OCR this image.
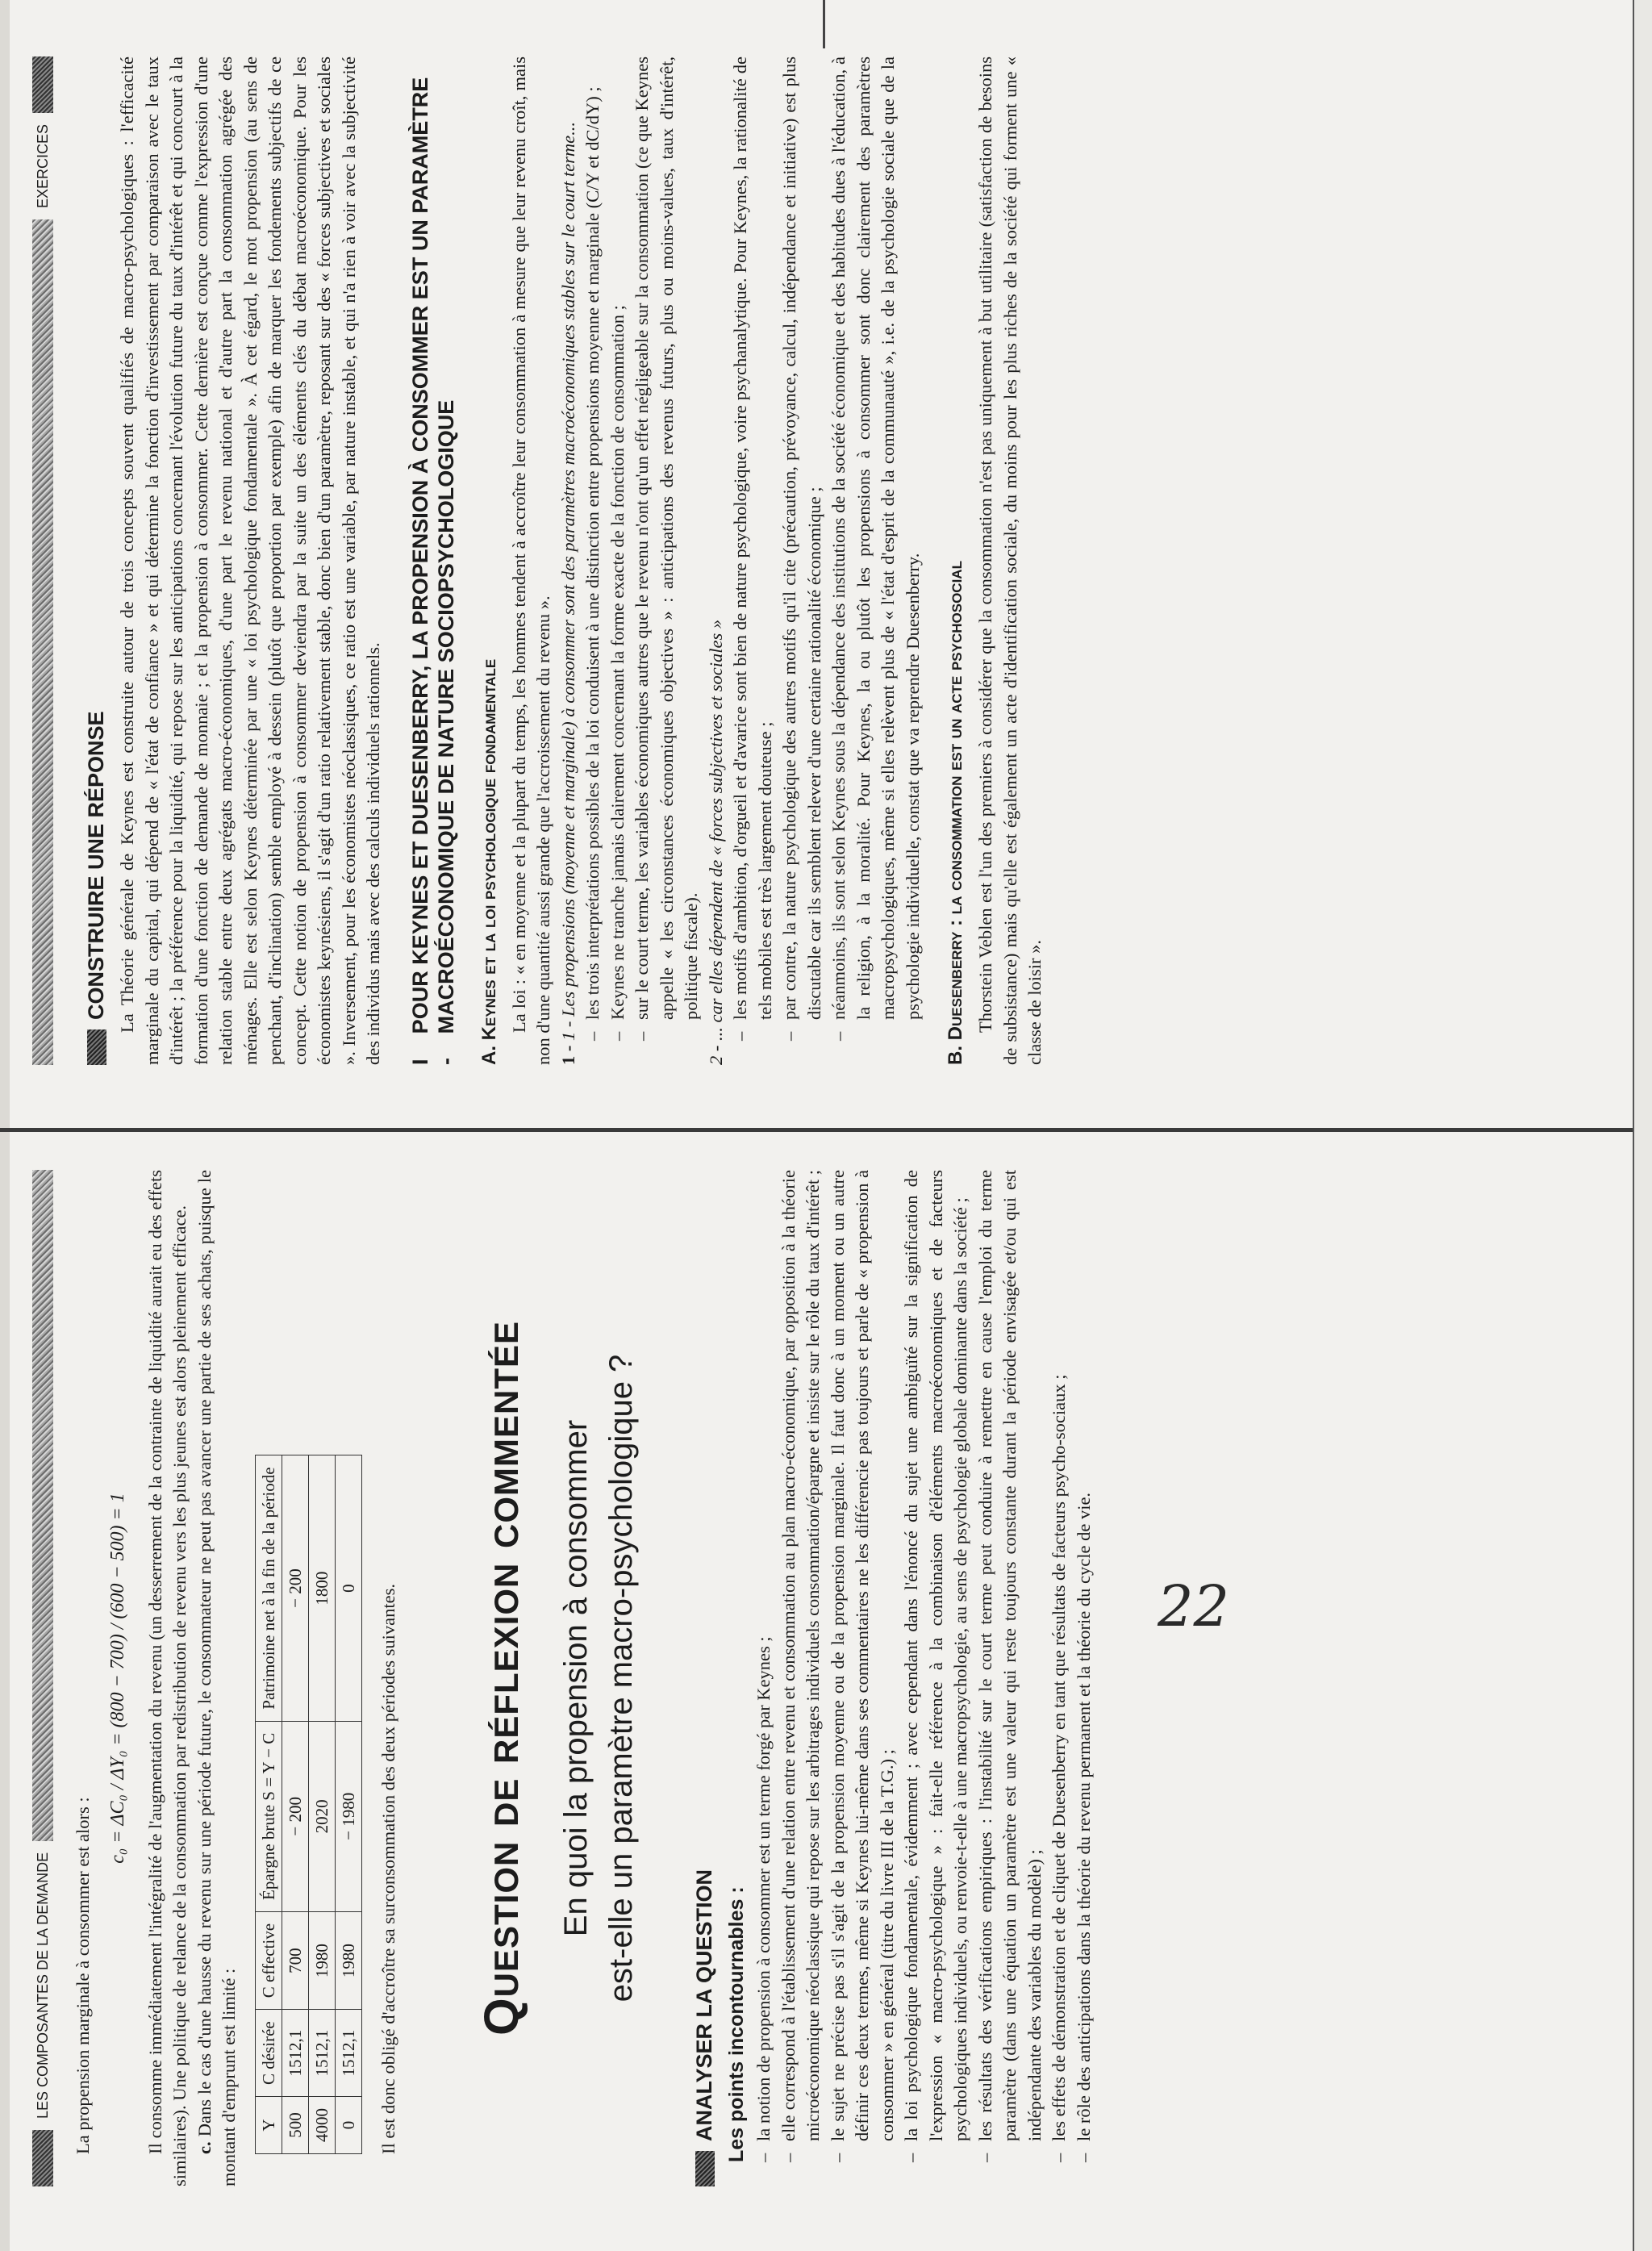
LES COMPOSANTES DE LA DEMANDE La propension marginale à consommer est alors :

c₀ = ΔC₀ / ΔY₀ = (800 − 700) / (600 − 500) = 1 Il consomme immédiatement l'intégralité de l'augmentation du revenu (un desserrement de la contrainte de liquidité aurait eu des effets similaires). Une politique de relance de la consommation par redistribution de revenu vers les plus jeunes est alors pleinement efficace. c. Dans le cas d'une hausse du revenu sur une période future, le consommateur ne peut pas avancer une partie de ses achats, puisque le montant d'emprunt est limité : Y	C désirée	C effective	Épargne brute S = Y − C	Patrimoine net à la fin de la période
500	1512,1	700	− 200	− 200
4000	1512,1	1980	2020	1800
0	1512,1	1980	− 1980	0 Il est donc obligé d'accroître sa surconsommation des deux périodes suivantes. Question de réflexion commentée En quoi la propension à consommer est-elle un paramètre macro-psychologique ?
ANALYSER LA QUESTION Les points incontournables : – la notion de propension à consommer est un terme forgé par Keynes ; – elle correspond à l'établissement d'une relation entre revenu et consommation au plan macro-économique, par opposition à la théorie microéconomique néoclassique qui repose sur les arbitrages individuels consommation/épargne et insiste sur le rôle du taux d'intérêt ; – le sujet ne précise pas s'il s'agit de la propension moyenne ou de la propension marginale. Il faut donc à un moment ou un autre définir ces deux termes, même si Keynes lui-même dans ses commentaires ne les différencie pas toujours et parle de « propension à consommer » en général (titre du livre III de la T.G.) ; – la loi psychologique fondamentale, évidemment ; avec cependant dans l'énoncé du sujet une ambiguïté sur la signification de l'expression « macro-psychologique » : fait-elle référence à la combinaison d'éléments macroéconomiques et de facteurs psychologiques individuels, ou renvoie-t-elle à une macropsychologie, au sens de psychologie globale dominante dans la société ; – les résultats des vérifications empiriques : l'instabilité sur le court terme peut conduire à remettre en cause l'emploi du terme paramètre (dans une équation un paramètre est une valeur qui reste toujours constante durant la période envisagée et/ou qui est indépendante des variables du modèle) ; – les effets de démonstration et de cliquet de Duesenberry en tant que résultats de facteurs psycho-sociaux ; – le rôle des anticipations dans la théorie du revenu permanent et la théorie du cycle de vie.
EXERCICES
CONSTRUIRE UNE RÉPONSE La Théorie générale de Keynes est construite autour de trois concepts souvent qualifiés de macro-psychologiques : l'efficacité marginale du capital, qui dépend de « l'état de confiance » et qui détermine la fonction d'investissement par comparaison avec le taux d'intérêt ; la préférence pour la liquidité, qui repose sur les anticipations concernant l'évolution future du taux d'intérêt et qui concourt à la formation d'une fonction de demande de monnaie ; et la propension à consommer. Cette dernière est conçue comme l'expression d'une relation stable entre deux agrégats macro-économiques, d'une part le revenu national et d'autre part la consommation agrégée des ménages. Elle est selon Keynes déterminée par une « loi psychologique fondamentale ». À cet égard, le mot propension (au sens de penchant, d'inclination) semble employé à dessein (plutôt que proportion par exemple) afin de marquer les fondements subjectifs de ce concept. Cette notion de propension à consommer deviendra par la suite un des éléments clés du débat macroéconomique. Pour les économistes keynésiens, il s'agit d'un ratio relativement stable, donc bien d'un paramètre, reposant sur des « forces subjectives et sociales ». Inversement, pour les économistes néoclassiques, ce ratio est une variable, par nature instable, et qui n'a rien à voir avec la subjectivité des individus mais avec des calculs individuels rationnels. I -
POUR KEYNES ET DUESENBERRY, LA PROPENSION À CONSOMMER EST UN PARAMÈTRE MACROÉCONOMIQUE DE NATURE SOCIOPSYCHOLOGIQUE A. Keynes et la loi psychologique fondamentale La loi : « en moyenne et la plupart du temps, les hommes tendent à accroître leur consommation à mesure que leur revenu croît, mais non d'une quantité aussi grande que l'accroissement du revenu ». 1 - 1 - Les propensions (moyenne et marginale) à consommer sont des paramètres macroéconomiques stables sur le court terme... – les trois interprétations possibles de la loi conduisent à une distinction entre propensions moyenne et marginale (C/Y et dC/dY) ; – Keynes ne tranche jamais clairement concernant la forme exacte de la fonction de consommation ; – sur le court terme, les variables économiques autres que le revenu n'ont qu'un effet négligeable sur la consommation (ce que Keynes appelle « les circonstances économiques objectives » : anticipations des revenus futurs, plus ou moins-values, taux d'intérêt, politique fiscale). 2 - ... car elles dépendent de « forces subjectives et sociales » – les motifs d'ambition, d'orgueil et d'avarice sont bien de nature psychologique, voire psychanalytique. Pour Keynes, la rationalité de tels mobiles est très largement douteuse ; – par contre, la nature psychologique des autres motifs qu'il cite (précaution, prévoyance, calcul, indépendance et initiative) est plus discutable car ils semblent relever d'une certaine rationalité économique ; – néanmoins, ils sont selon Keynes sous la dépendance des institutions de la société économique et des habitudes dues à l'éducation, à la religion, à la moralité. Pour Keynes, la ou plutôt les propensions à consommer sont donc clairement des paramètres macropsychologiques, même si elles relèvent plus de « l'état d'esprit de la communauté », i.e. de la psychologie sociale que de la psychologie individuelle, constat que va reprendre Duesenberry. B. Duesenberry : la consommation est un acte psychosocial Thorstein Veblen est l'un des premiers à considérer que la consommation n'est pas uniquement à but utilitaire (satisfaction de besoins de subsistance) mais qu'elle est également un acte d'identification sociale, du moins pour les plus riches de la société qui forment une « classe de loisir ».

22
